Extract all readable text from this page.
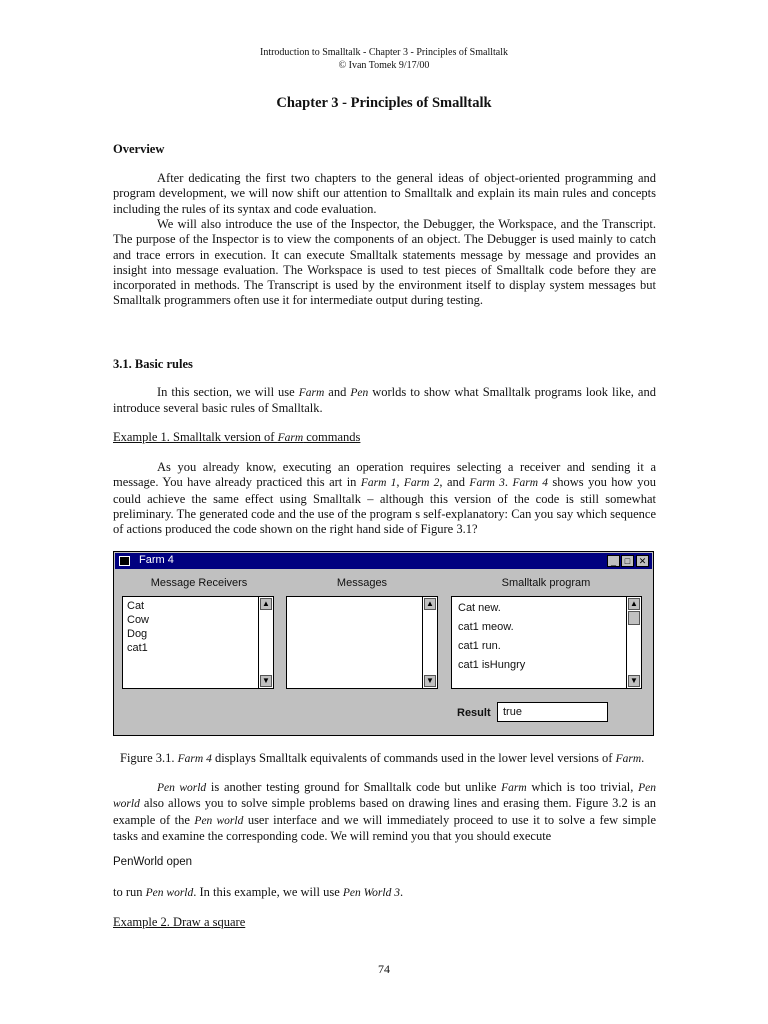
Introduction to Smalltalk - Chapter 3 - Principles of Smalltalk
© Ivan Tomek 9/17/00
Chapter 3 - Principles of Smalltalk
Overview
After dedicating the first two chapters to the general ideas of object-oriented programming and program development, we will now shift our attention to Smalltalk and explain its main rules and concepts including the rules of its syntax and code evaluation.
We will also introduce the use of the Inspector, the Debugger, the Workspace, and the Transcript. The purpose of the Inspector is to view the components of an object. The Debugger is used mainly to catch and trace errors in execution. It can execute Smalltalk statements message by message and provides an insight into message evaluation. The Workspace is used to test pieces of Smalltalk code before they are incorporated in methods. The Transcript is used by the environment itself to display system messages but Smalltalk programmers often use it for intermediate output during testing.
3.1. Basic rules
In this section, we will use Farm and Pen worlds to show what Smalltalk programs look like, and introduce several basic rules of Smalltalk.
Example 1. Smalltalk version of Farm commands
As you already know, executing an operation requires selecting a receiver and sending it a message. You have already practiced this art in Farm 1, Farm 2, and Farm 3. Farm 4 shows you how you could achieve the same effect using Smalltalk – although this version of the code is still somewhat preliminary. The generated code and the use of the program s self-explanatory: Can you say which sequence of actions produced the code shown on the right hand side of Figure 3.1?
Farm 4	_ □ ✕
Message Receivers	Messages	Smalltalk program
Cat
Cow
Dog
cat1
▲
▼
▲
▼
Cat new.
cat1 meow.
cat1 run.
cat1 isHungry
▲
▼
Result	true
Figure 3.1. Farm 4 displays Smalltalk equivalents of commands used in the lower level versions of Farm.
Pen world is another testing ground for Smalltalk code but unlike Farm which is too trivial, Pen world also allows you to solve simple problems based on drawing lines and erasing them. Figure 3.2 is an example of the Pen world user interface and we will immediately proceed to use it to solve a few simple tasks and examine the corresponding code. We will remind you that you should execute
PenWorld open
to run Pen world. In this example, we will use Pen World 3.
Example 2. Draw a square
74
